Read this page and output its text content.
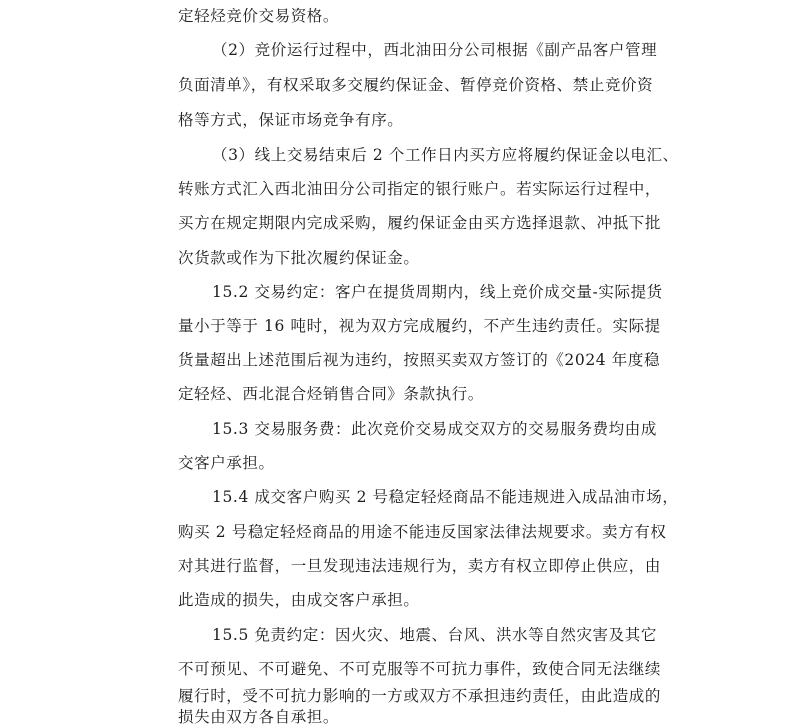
定轻烃竞价交易资格。

（2）竞价运行过程中，西北油田分公司根据《副产品客户管理

负面清单》，有权采取多交履约保证金、暂停竞价资格、禁止竞价资

格等方式，保证市场竞争有序。

（3）线上交易结束后 2 个工作日内买方应将履约保证金以电汇、

转账方式汇入西北油田分公司指定的银行账户。若实际运行过程中，

买方在规定期限内完成采购，履约保证金由买方选择退款、冲抵下批

次货款或作为下批次履约保证金。

15.2 交易约定：客户在提货周期内，线上竞价成交量-实际提货

量小于等于 16 吨时，视为双方完成履约，不产生违约责任。实际提

货量超出上述范围后视为违约，按照买卖双方签订的《2024 年度稳

定轻烃、西北混合烃销售合同》条款执行。

15.3 交易服务费：此次竞价交易成交双方的交易服务费均由成

交客户承担。

15.4 成交客户购买 2 号稳定轻烃商品不能违规进入成品油市场，

购买 2 号稳定轻烃商品的用途不能违反国家法律法规要求。卖方有权

对其进行监督，一旦发现违法违规行为，卖方有权立即停止供应，由

此造成的损失，由成交客户承担。

15.5 免责约定：因火灾、地震、台风、洪水等自然灾害及其它

不可预见、不可避免、不可克服等不可抗力事件，致使合同无法继续

履行时，受不可抗力影响的一方或双方不承担违约责任，由此造成的

损失由双方各自承担。
